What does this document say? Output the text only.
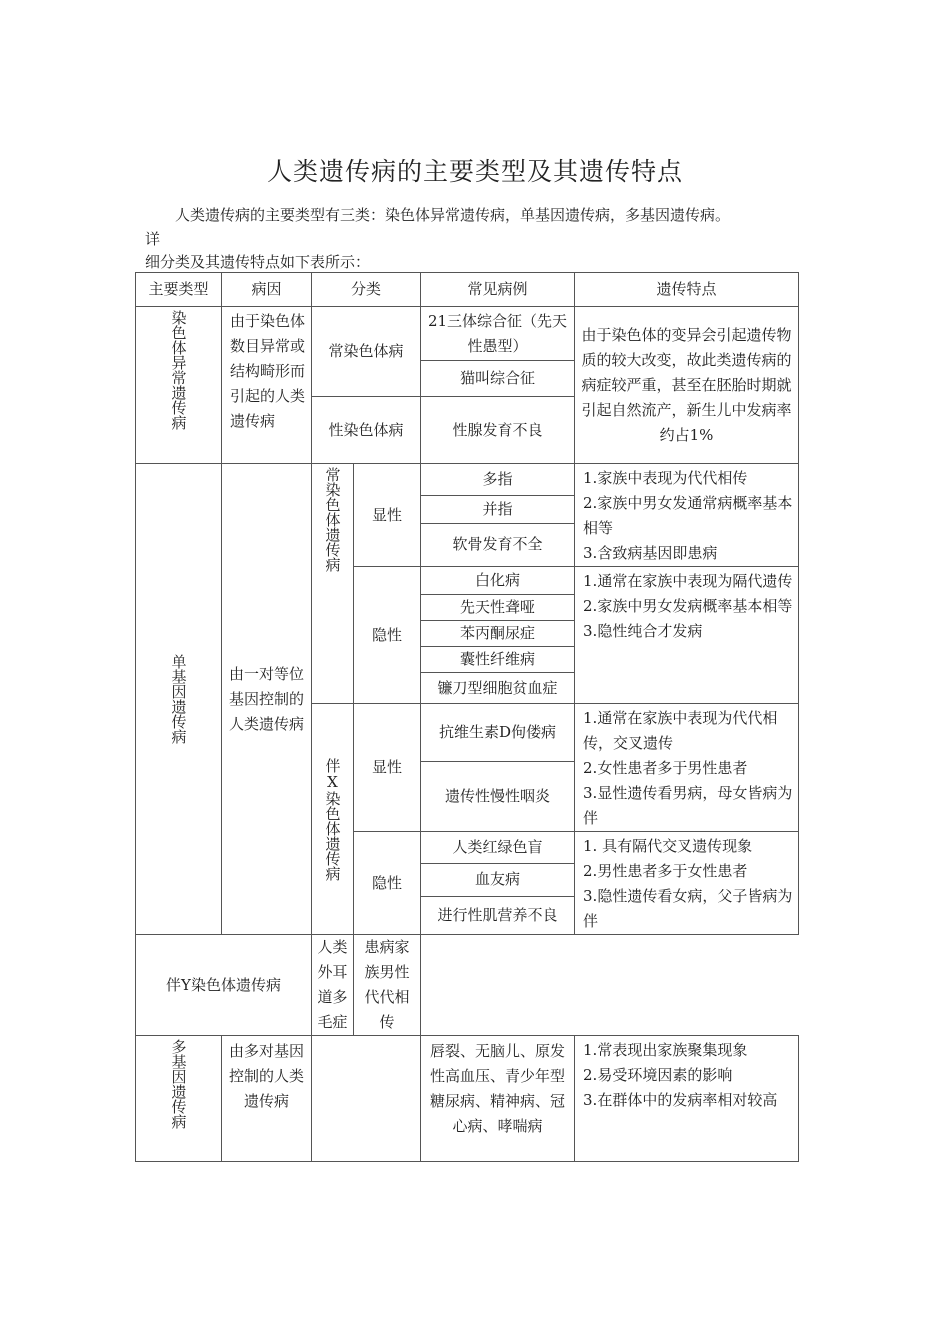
人类遗传病的主要类型及其遗传特点
人类遗传病的主要类型有三类：染色体异常遗传病，单基因遗传病，多基因遗传病。
详
细分类及其遗传特点如下表所示：
主要类型	病因	分类		常见病例	遗传特点

染色体异常遗传病	由于染色体数目异常或结构畸形而引起的人类遗传病	常染色体病		21三体综合征（先天性愚型）	由于染色体的变异会引起遗传物质的较大改变，故此类遗传病的病症较严重，甚至在胚胎时期就引起自然流产，新生儿中发病率约占1%
				猫叫综合征	
		性染色体病		性腺发育不良	

单基因遗传病	由一对等位基因控制的人类遗传病	常染色体遗传病	显性	多指	1.家族中表现为代代相传
2.家族中男女发通常病概率基本相等
3.含致病基因即患病

				并指	
				软骨发育不全	
			隐性	白化病	1.通常在家族中表现为隔代遗传
2.家族中男女发病概率基本相等
3.隐性纯合才发病

				先天性聋哑	
				苯丙酮尿症	
				囊性纤维病	
				镰刀型细胞贫血症	

		伴X染色体遗传病	显性	抗维生素D佝偻病	1.通常在家族中表现为代代相传，交叉遗传
2.女性患者多于男性患者
3.显性遗传看男病，母女皆病为伴

				遗传性慢性咽炎	
			隐性	人类红绿色盲	1. 具有隔代交叉遗传现象
2.男性患者多于女性患者
3.隐性遗传看女病，父子皆病为伴

				血友病	
				进行性肌营养不良	
伴Y染色体遗传病		人类外耳道多毛症	患病家族男性代代相传		

多基因遗传病	由多对基因控制的人类遗传病			唇裂、无脑儿、原发性高血压、青少年型糖尿病、精神病、冠心病、哮喘病	1.常表现出家族聚集现象
2.易受环境因素的影响
3.在群体中的发病率相对较高
